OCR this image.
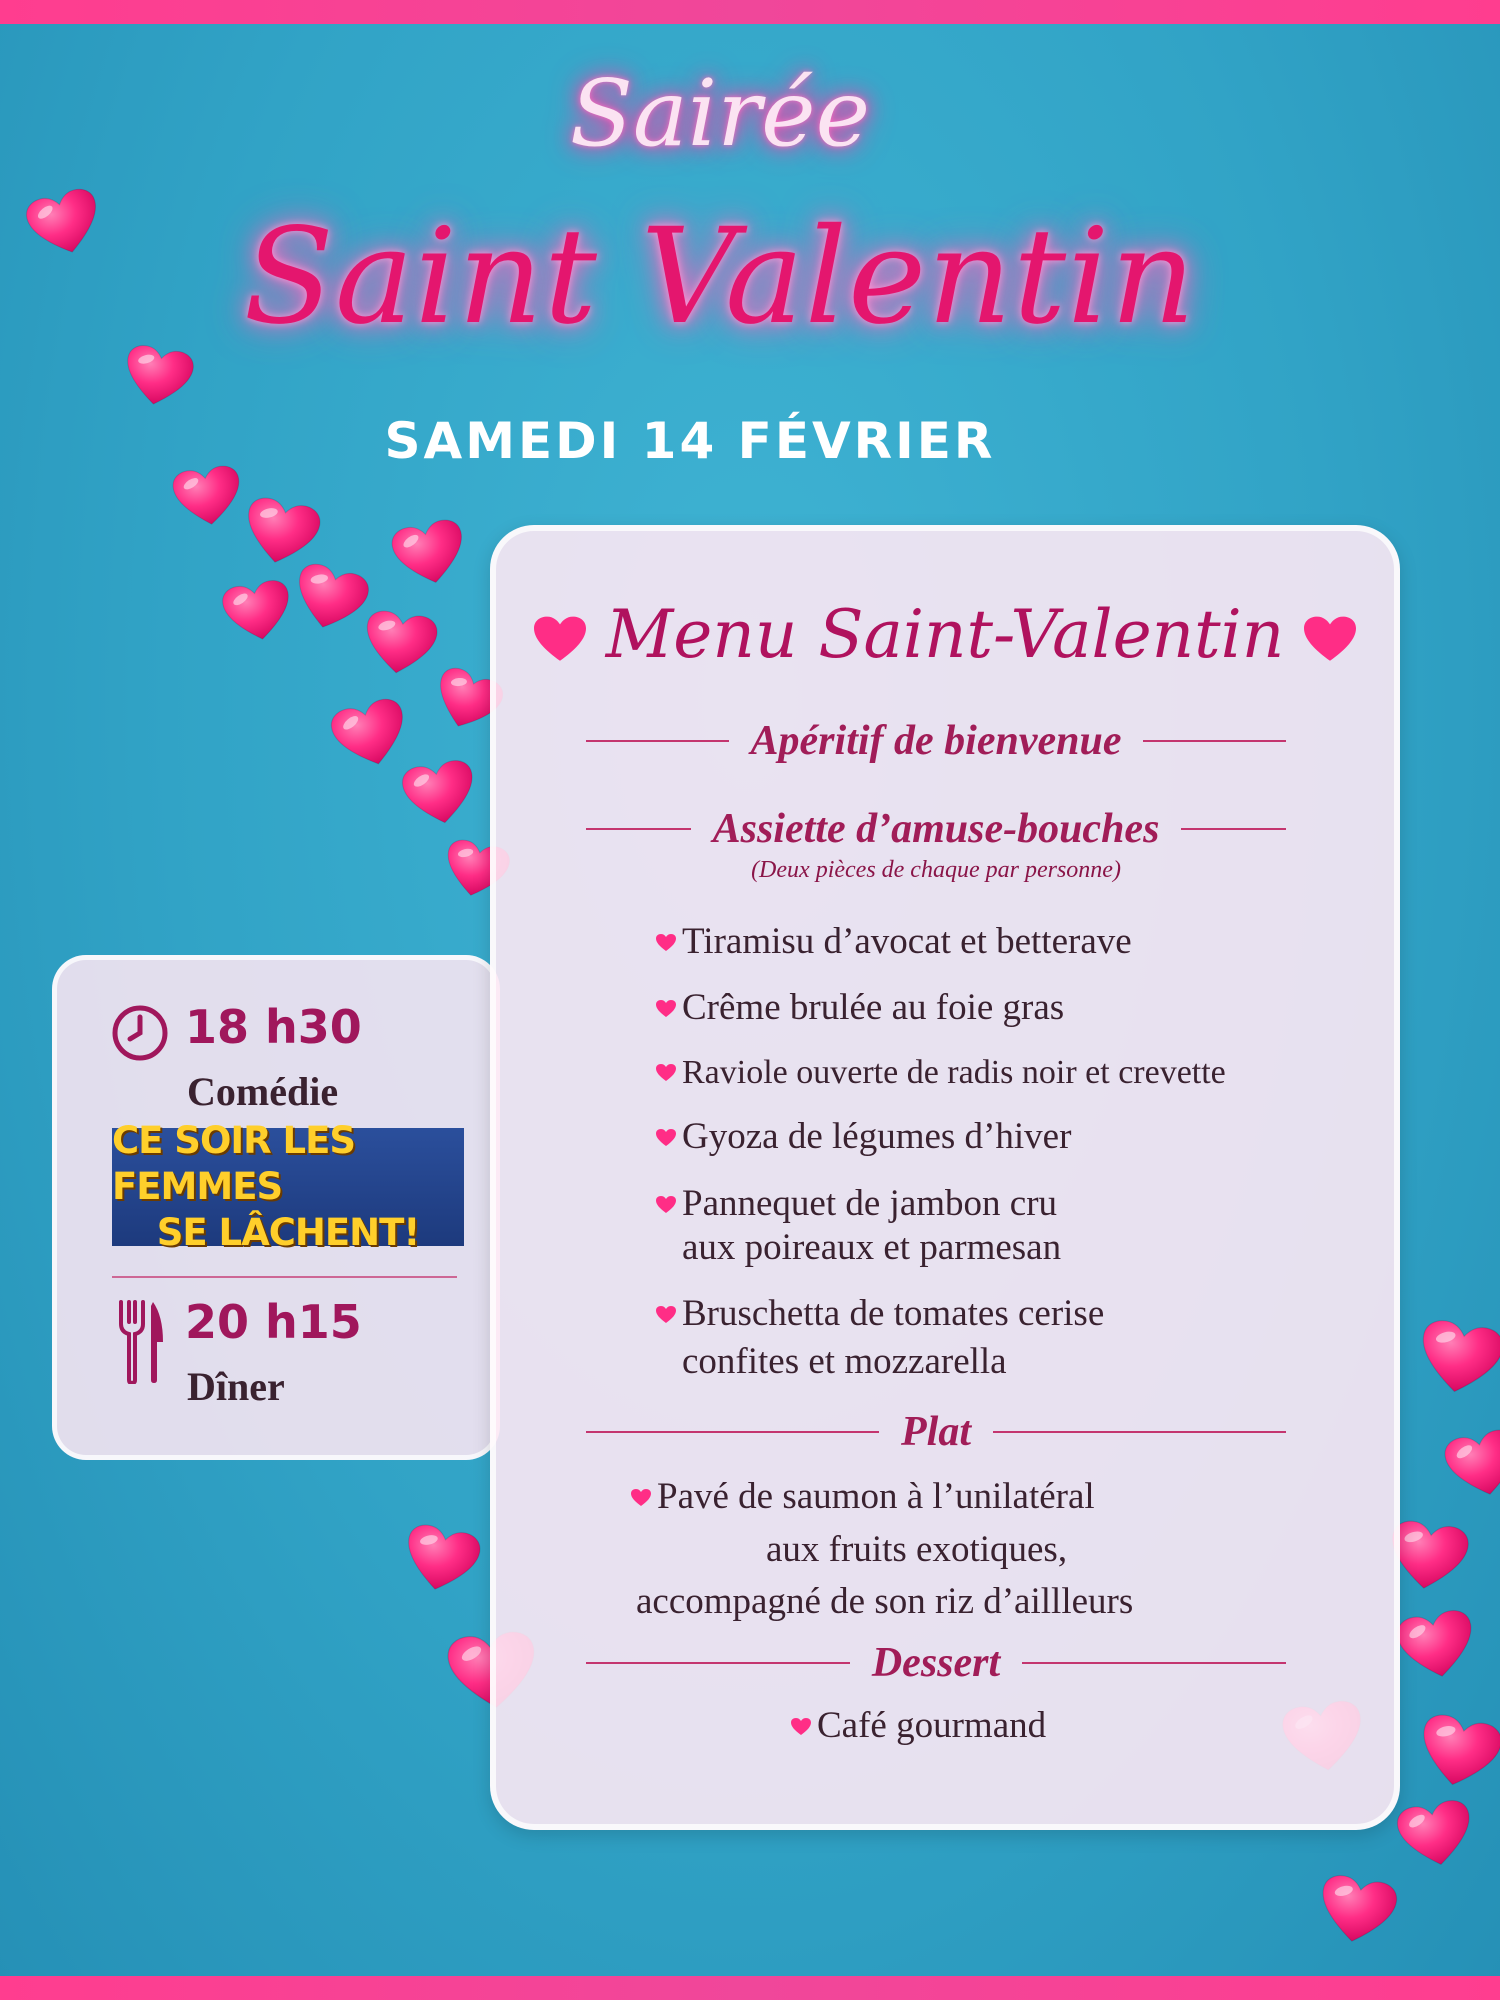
Sairée
Saint Valentin
SAMEDI 14 FÉVRIER
18 h30
Comédie
CE SOIR LES FEMMES
SE LÂCHENT!
20 h15
Dîner
Menu Saint-Valentin
Apéritif de bienvenue
Assiette d’amuse-bouches
(Deux pièces de chaque par personne)
Tiramisu d’avocat et betterave
Crême brulée au foie gras
Raviole ouverte de radis noir et crevette
Gyoza de légumes d’hiver
Pannequet de jambon cru
aux poireaux et parmesan
Bruschetta de tomates cerise
confites et mozzarella
Plat
Pavé de saumon à l’unilatéral
aux fruits exotiques,
accompagné de son riz d’aillleurs
Dessert
Café gourmand
